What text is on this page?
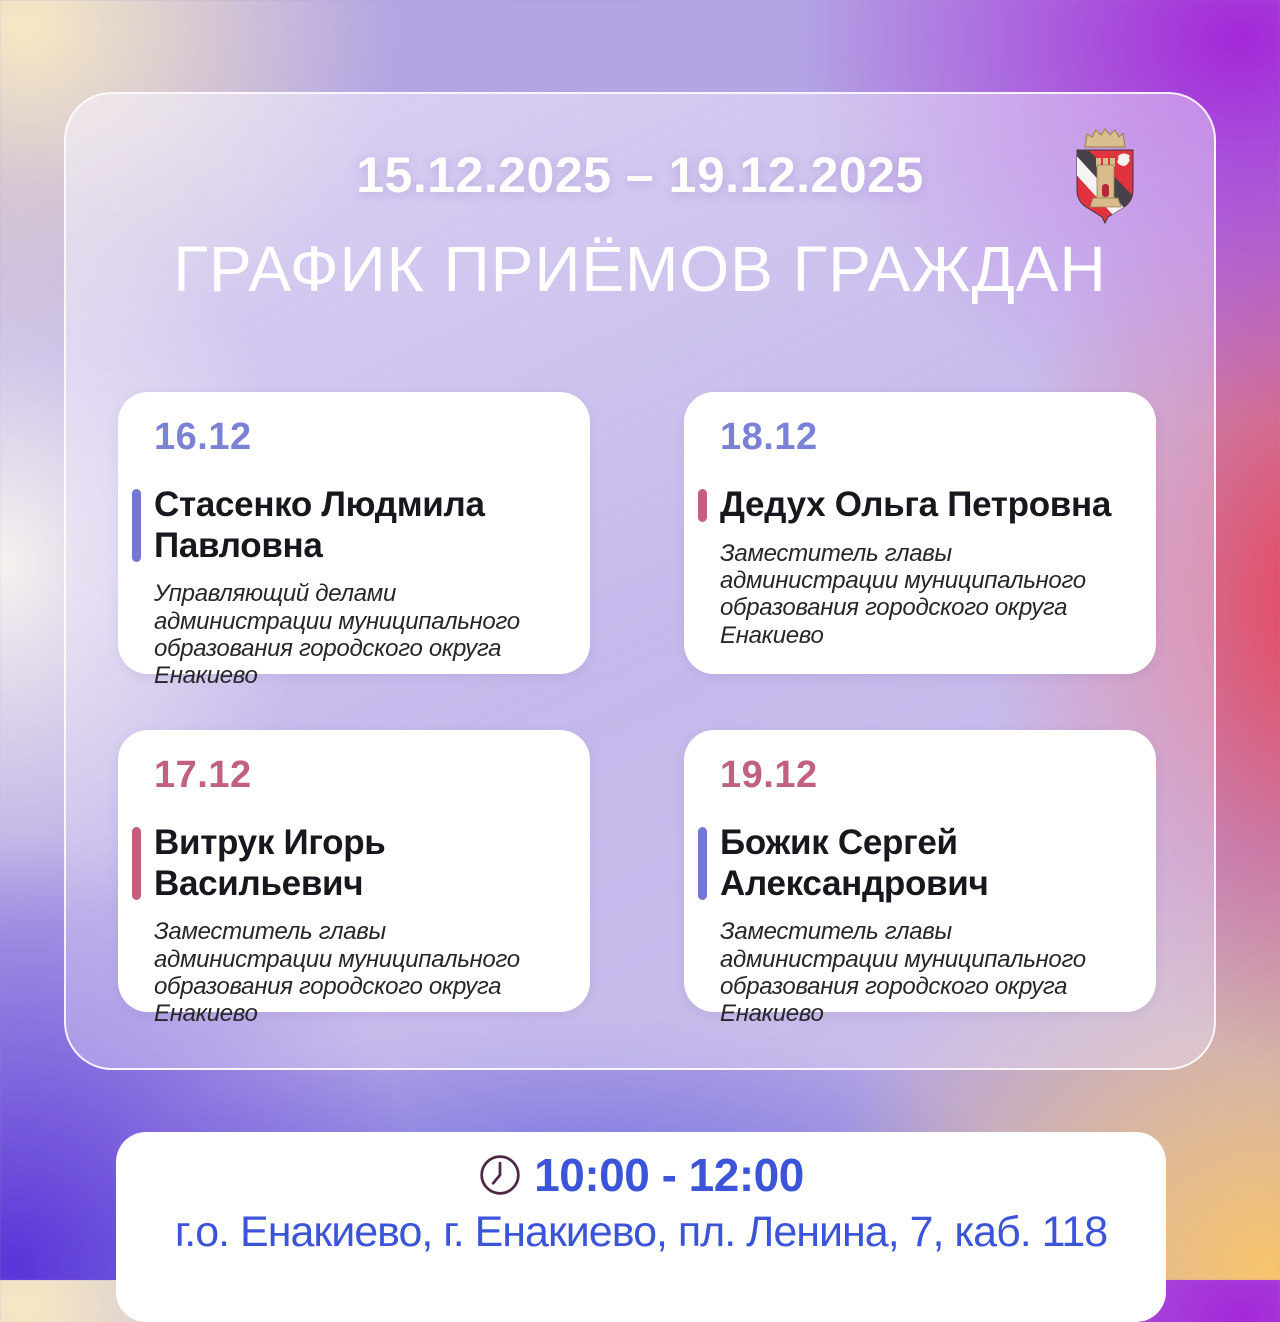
15.12.2025 – 19.12.2025
ГРАФИК ПРИЁМОВ ГРАЖДАН
16.12
Стасенко Людмила Павловна

Управляющий делами администрации муниципального образования городского округа Енакиево

18.12
Дедух Ольга Петровна

Заместитель главы администрации муниципального образования городского округа Енакиево

17.12
Витрук Игорь Васильевич

Заместитель главы администрации муниципального образования городского округа Енакиево

19.12
Божик Сергей Александрович

Заместитель главы администрации муниципального образования городского округа Енакиево

10:00 - 12:00
г.о. Енакиево, г. Енакиево, пл. Ленина, 7, каб. 118
